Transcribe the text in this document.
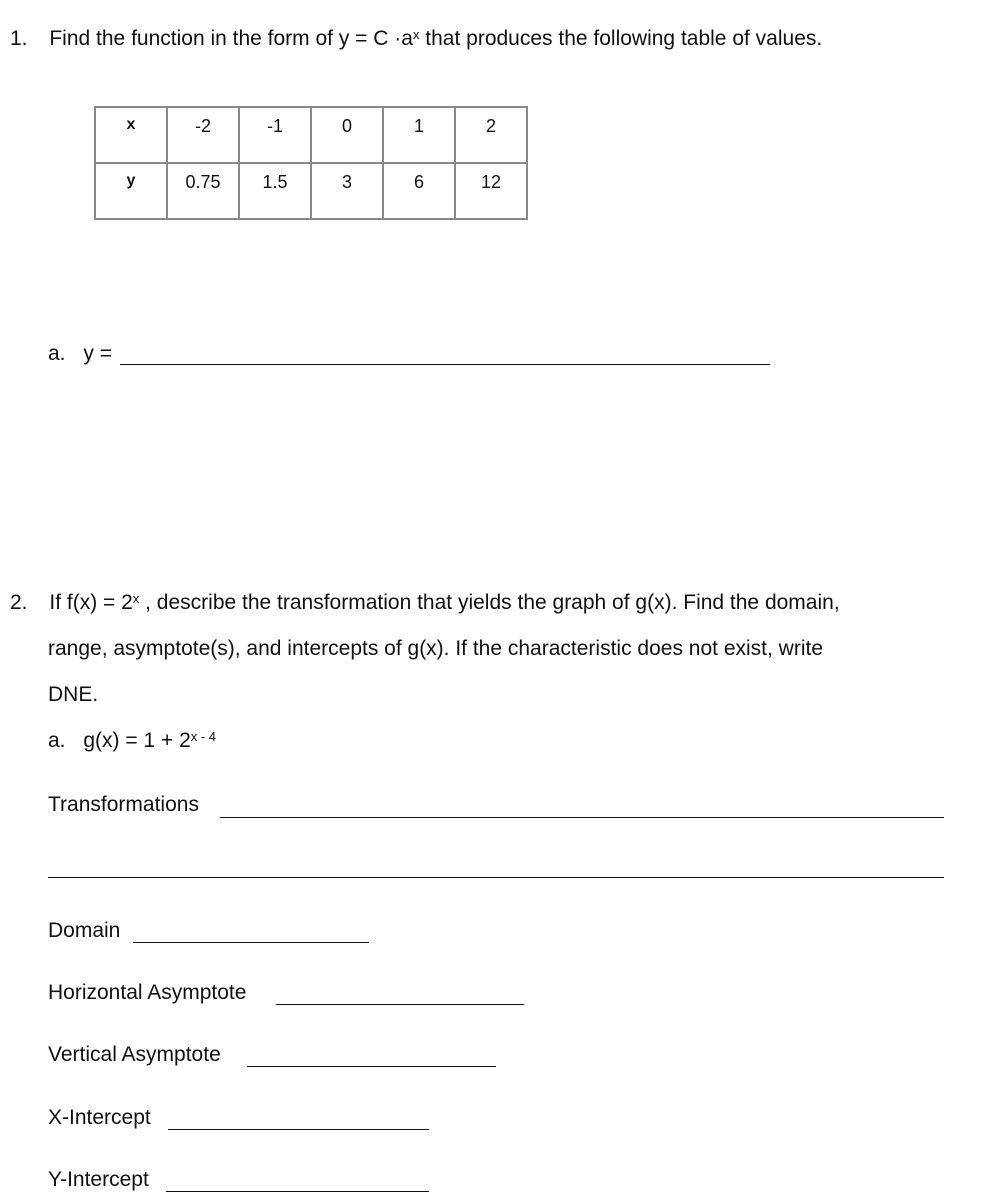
1. Find the function in the form of $y = C \cdot a^x$ that produces the following table of values.
x	-2	-1	0	1	2
y	0.75	1.5	3	6	12
a. y =
2. If $f(x) = 2^x$ , describe the transformation that yields the graph of g(x). Find the domain,
range, asymptote(s), and intercepts of g(x). If the characteristic does not exist, write
DNE.
a. $g(x) = 1 + 2^{x - 4}$
Transformations
Domain
Horizontal Asymptote
Vertical Asymptote
X-Intercept
Y-Intercept
